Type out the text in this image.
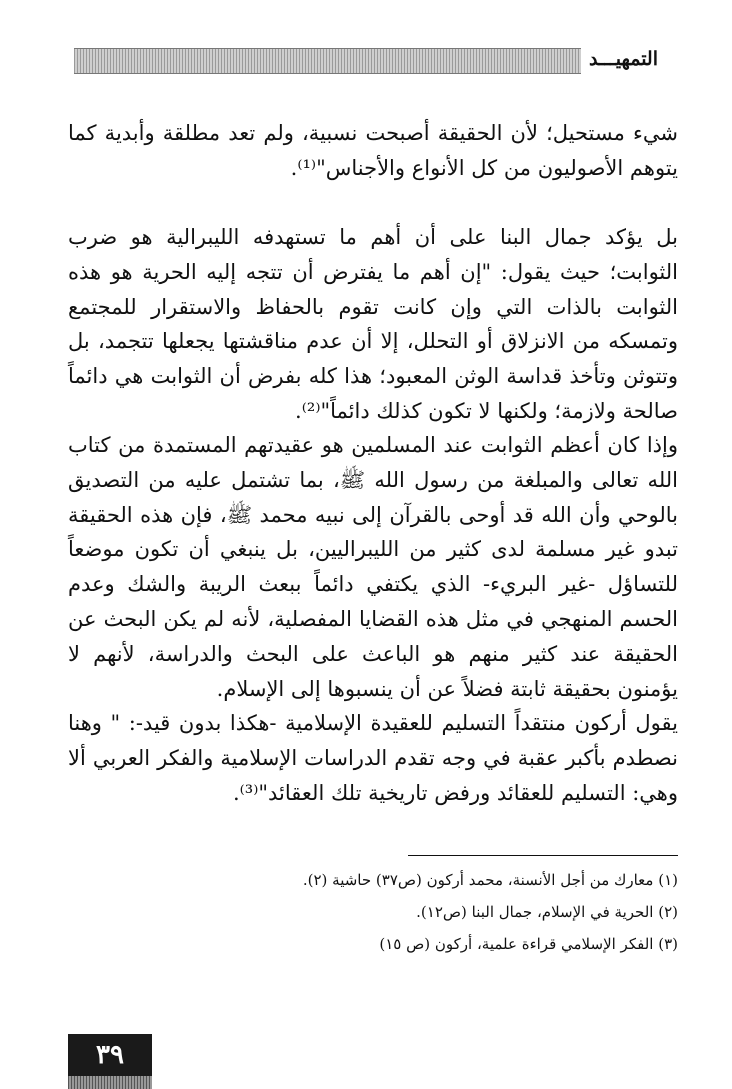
التمهيـــد
شيء مستحيل؛ لأن الحقيقة أصبحت نسبية، ولم تعد مطلقة وأبدية كما يتوهم الأصوليون من كل الأنواع والأجناس"⁽¹⁾.
بل يؤكد جمال البنا على أن أهم ما تستهدفه الليبرالية هو ضرب الثوابت؛ حيث يقول: "إن أهم ما يفترض أن تتجه إليه الحرية هو هذه الثوابت بالذات التي وإن كانت تقوم بالحفاظ والاستقرار للمجتمع وتمسكه من الانزلاق أو التحلل، إلا أن عدم مناقشتها يجعلها تتجمد، بل وتتوثن وتأخذ قداسة الوثن المعبود؛ هذا كله بفرض أن الثوابت هي دائماً صالحة ولازمة؛ ولكنها لا تكون كذلك دائماً"⁽²⁾.
وإذا كان أعظم الثوابت عند المسلمين هو عقيدتهم المستمدة من كتاب الله تعالى والمبلغة من رسول الله ﷺ، بما تشتمل عليه من التصديق بالوحي وأن الله قد أوحى بالقرآن إلى نبيه محمد ﷺ، فإن هذه الحقيقة تبدو غير مسلمة لدى كثير من الليبراليين، بل ينبغي أن تكون موضعاً للتساؤل -غير البريء- الذي يكتفي دائماً ببعث الريبة والشك وعدم الحسم المنهجي في مثل هذه القضايا المفصلية، لأنه لم يكن البحث عن الحقيقة عند كثير منهم هو الباعث على البحث والدراسة، لأنهم لا يؤمنون بحقيقة ثابتة فضلاً عن أن ينسبوها إلى الإسلام.
يقول أركون منتقداً التسليم للعقيدة الإسلامية -هكذا بدون قيد-: " وهنا نصطدم بأكبر عقبة في وجه تقدم الدراسات الإسلامية والفكر العربي ألا وهي: التسليم للعقائد ورفض تاريخية تلك العقائد"⁽³⁾.

(١) معارك من أجل الأنسنة، محمد أركون (ص٣٧) حاشية (٢).

(٢) الحرية في الإسلام، جمال البنا (ص١٢).

(٣) الفكر الإسلامي قراءة علمية، أركون (ص ١٥)

٣٩
